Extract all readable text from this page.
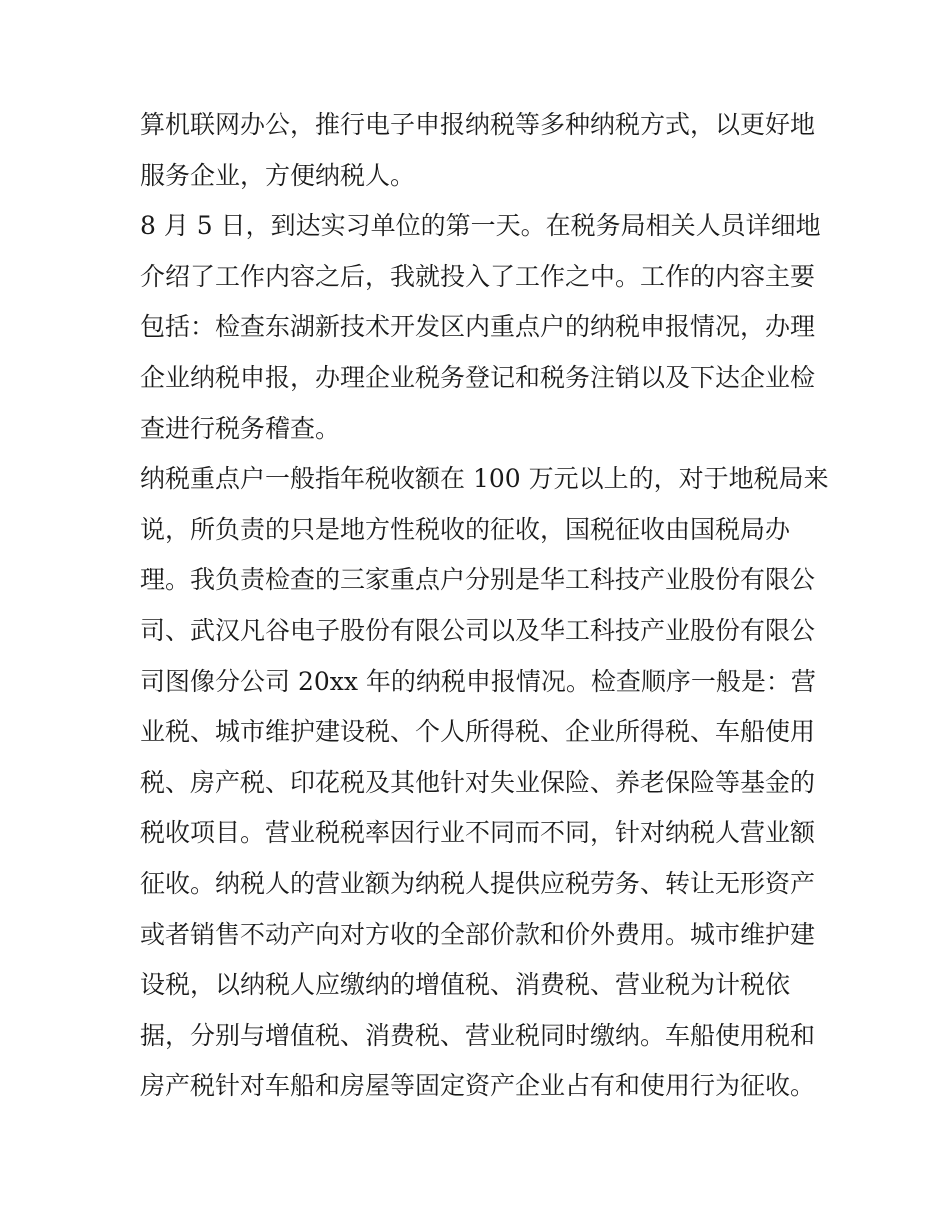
算机联网办公，推行电子申报纳税等多种纳税方式，以更好地
服务企业，方便纳税人。
8 月 5 日，到达实习单位的第一天。在税务局相关人员详细地
介绍了工作内容之后，我就投入了工作之中。工作的内容主要
包括：检查东湖新技术开发区内重点户的纳税申报情况，办理
企业纳税申报，办理企业税务登记和税务注销以及下达企业检
查进行税务稽查。
纳税重点户一般指年税收额在 100 万元以上的，对于地税局来
说，所负责的只是地方性税收的征收，国税征收由国税局办
理。我负责检查的三家重点户分别是华工科技产业股份有限公
司、武汉凡谷电子股份有限公司以及华工科技产业股份有限公
司图像分公司 20xx 年的纳税申报情况。检查顺序一般是：营
业税、城市维护建设税、个人所得税、企业所得税、车船使用
税、房产税、印花税及其他针对失业保险、养老保险等基金的
税收项目。营业税税率因行业不同而不同，针对纳税人营业额
征收。纳税人的营业额为纳税人提供应税劳务、转让无形资产
或者销售不动产向对方收的全部价款和价外费用。城市维护建
设税，以纳税人应缴纳的增值税、消费税、营业税为计税依
据，分别与增值税、消费税、营业税同时缴纳。车船使用税和
房产税针对车船和房屋等固定资产企业占有和使用行为征收。
